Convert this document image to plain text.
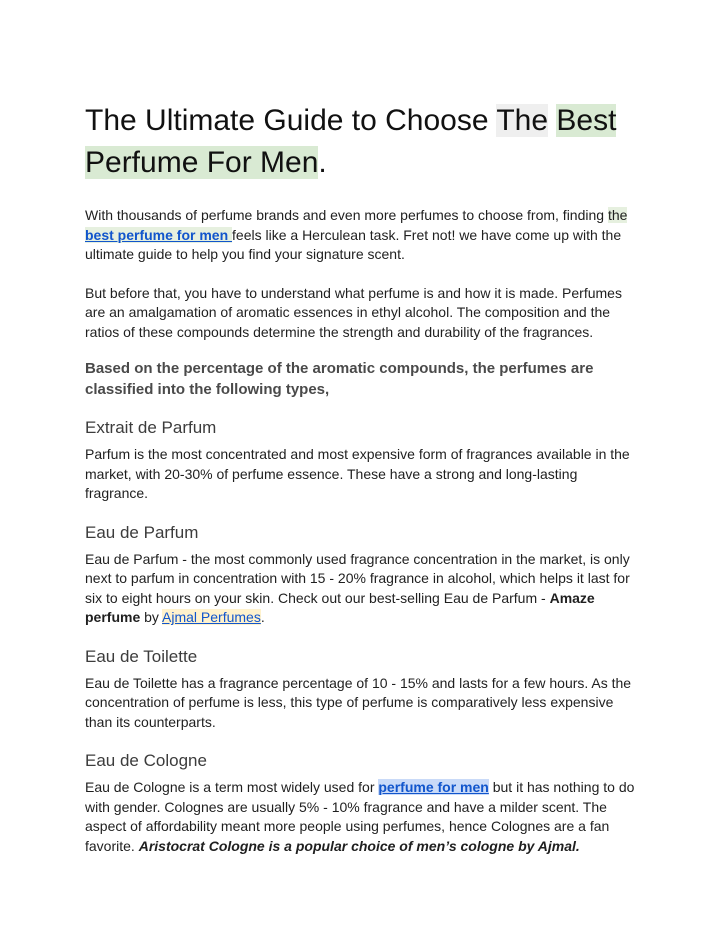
The Ultimate Guide to Choose The Best
Perfume For Men.

With thousands of perfume brands and even more perfumes to choose from, finding the
best perfume for men feels like a Herculean task. Fret not! we have come up with the ultimate guide to help you find your signature scent.

But before that, you have to understand what perfume is and how it is made. Perfumes are an amalgamation of aromatic essences in ethyl alcohol. The composition and the ratios of these compounds determine the strength and durability of the fragrances.

Based on the percentage of the aromatic compounds, the perfumes are classified into the following types,
Extrait de Parfum

Parfum is the most concentrated and most expensive form of fragrances available in the market, with 20-30% of perfume essence. These have a strong and long-lasting fragrance.

Eau de Parfum

Eau de Parfum - the most commonly used fragrance concentration in the market, is only next to parfum in concentration with 15 - 20% fragrance in alcohol, which helps it last for six to eight hours on your skin. Check out our best-selling Eau de Parfum - Amaze perfume by Ajmal Perfumes.

Eau de Toilette

Eau de Toilette has a fragrance percentage of 10 - 15% and lasts for a few hours. As the concentration of perfume is less, this type of perfume is comparatively less expensive than its counterparts.

Eau de Cologne

Eau de Cologne is a term most widely used for perfume for men but it has nothing to do with gender. Colognes are usually 5% - 10% fragrance and have a milder scent. The aspect of affordability meant more people using perfumes, hence Colognes are a fan favorite. Aristocrat Cologne is a popular choice of men’s cologne by Ajmal.
